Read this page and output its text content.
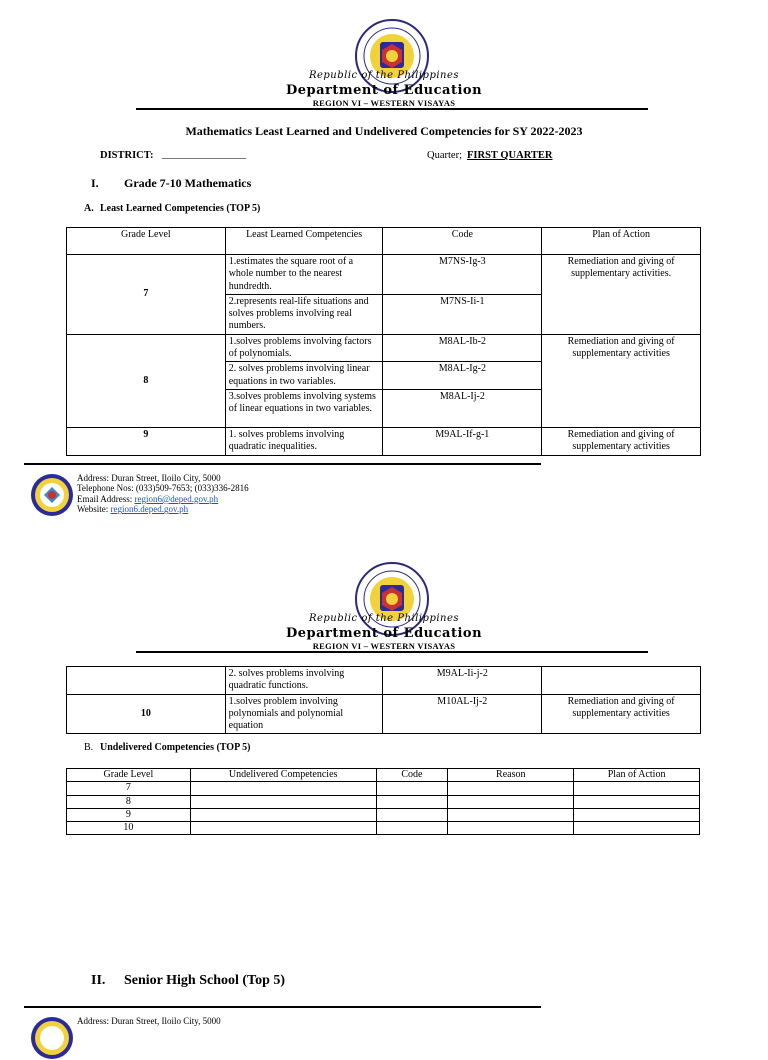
Republic of the Philippines
Department of Education
REGION VI – WESTERN VISAYAS
Mathematics Least Learned and Undelivered Competencies for SY 2022-2023
DISTRICT: ________________	Quarter; FIRST QUARTER
I. Grade 7-10 Mathematics
A. Least Learned Competencies (TOP 5)
Grade Level	Least Learned Competencies	Code	Plan of Action
7	1.estimates the square root of a whole number to the nearest hundredth.	M7NS-Ig-3	Remediation and giving of supplementary activities.
	2.represents real-life situations and solves problems involving real numbers.	M7NS-Ii-1	
8	1.solves problems involving factors of polynomials.	M8AL-Ib-2	Remediation and giving of supplementary activities
	2. solves problems involving linear equations in two variables.	M8AL-Ig-2	
	3.solves problems involving systems of linear equations in two variables.	M8AL-Ij-2	
9	1. solves problems involving quadratic inequalities.	M9AL-If-g-1	Remediation and giving of supplementary activities
Address: Duran Street, Iloilo City, 5000
Telephone Nos: (033)509-7653; (033)336-2816
Email Address: region6@deped.gov.ph
Website: region6.deped.gov.ph
Republic of the Philippines
Department of Education
REGION VI – WESTERN VISAYAS
	2. solves problems involving quadratic functions.	M9AL-Ii-j-2	
10	1.solves problem involving polynomials and polynomial equation	M10AL-Ij-2	Remediation and giving of supplementary activities
B. Undelivered Competencies (TOP 5)
Grade Level	Undelivered Competencies	Code	Reason	Plan of Action
7				
8				
9				
10				
II. Senior High School (Top 5)
Address: Duran Street, Iloilo City, 5000
